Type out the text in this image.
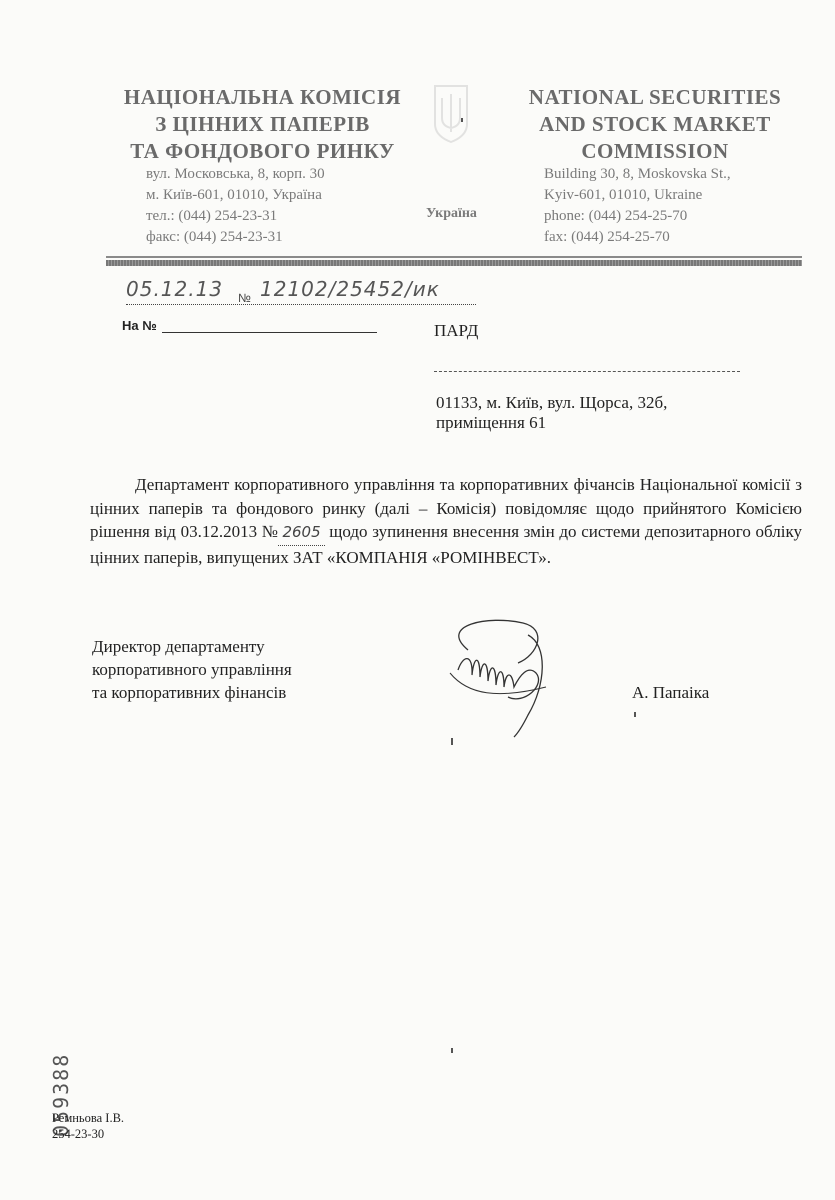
НАЦІОНАЛЬНА КОМІСІЯ
З ЦІННИХ ПАПЕРІВ
ТА ФОНДОВОГО РИНКУ
вул. Московська, 8, корп. 30
м. Київ-601, 01010, Україна
тел.: (044) 254-23-31
факс: (044) 254-23-31
Україна
NATIONAL SECURITIES
AND STOCK MARKET
COMMISSION
Building 30, 8, Moskovska St.,
Kyiv-601, 01010, Ukraine
phone: (044) 254-25-70
fax: (044) 254-25-70
05.12.13 № 12102/25452/ик
На №	ПАРД
01133, м. Київ, вул. Щорса, 32б,
приміщення 61
Департамент корпоративного управління та корпоративних фічансів Національної комісії з цінних паперів та фондового ринку (далі – Комісія) повідомляє щодо прийнятого Комісією рішення від 03.12.2013 № 2605 щодо зупинення внесення змін до системи депозитарного обліку цінних паперів, випущених ЗАТ «КОМПАНІЯ «РОМІНВЕСТ».
Директор департаменту
корпоративного управління
та корпоративних фінансів	А. Папаіка
059388
Ремньова І.В.
254-23-30
